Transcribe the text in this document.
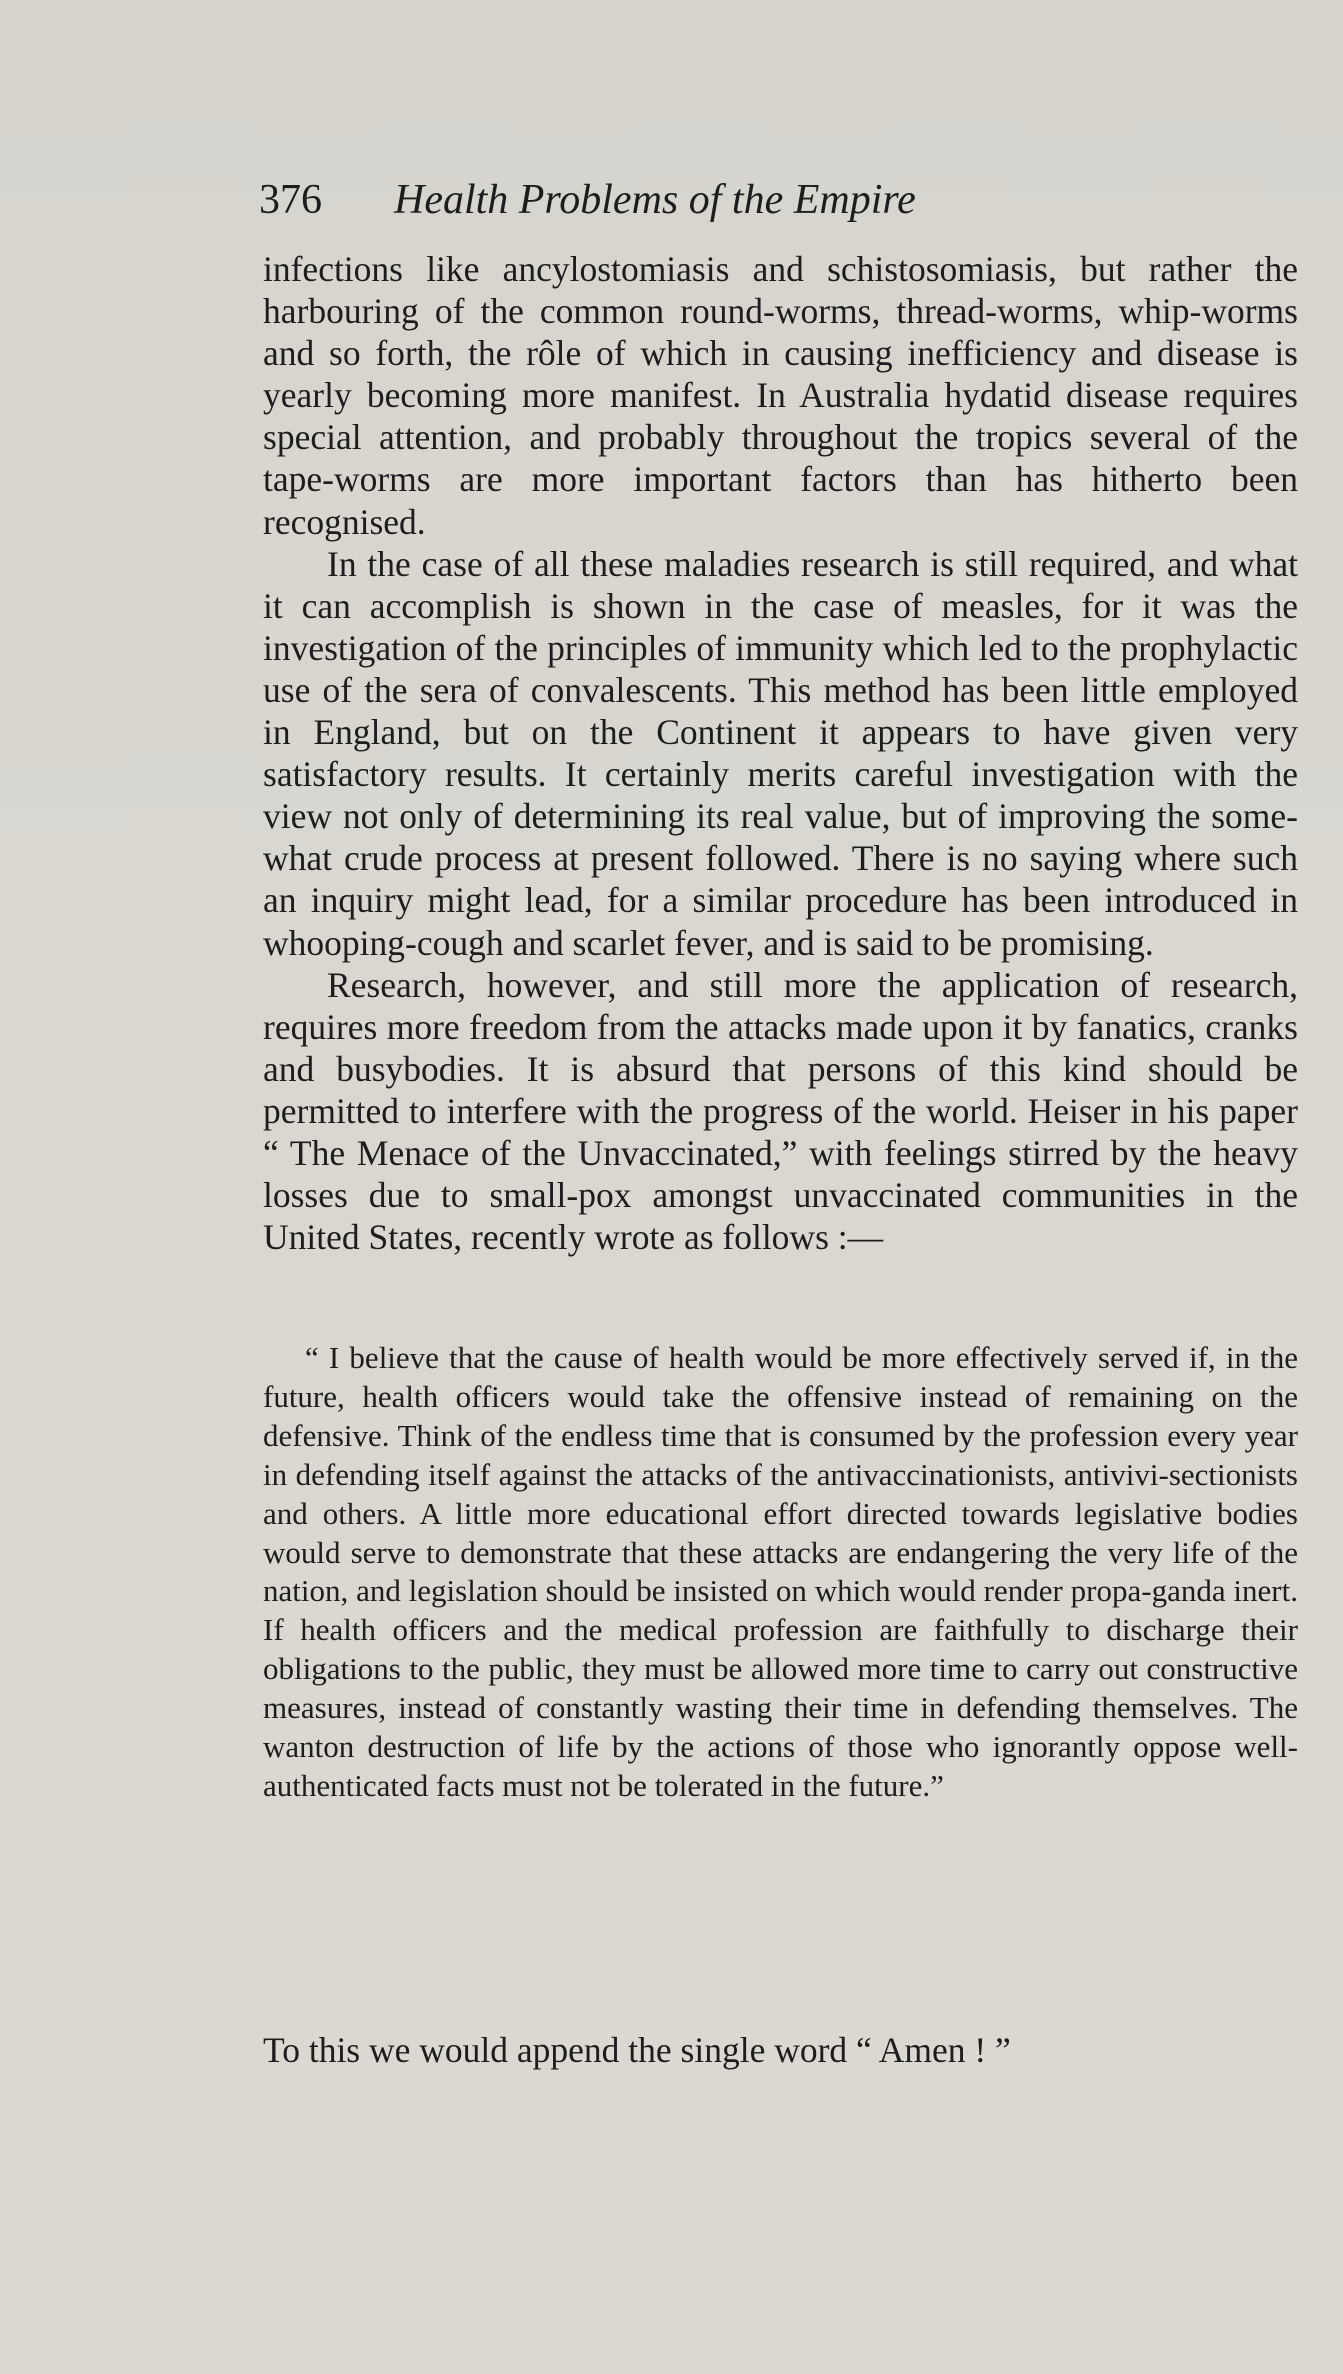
376 Health Problems of the Empire

infections like ancylostomiasis and schistosomiasis, but rather the harbouring of the common round-worms, thread-worms, whip-worms and so forth, the rôle of which in causing inefficiency and disease is yearly becoming more manifest. In Australia hydatid disease requires special attention, and probably throughout the tropics several of the tape-worms are more important factors than has hitherto been recognised.

In the case of all these maladies research is still required, and what it can accomplish is shown in the case of measles, for it was the investigation of the principles of immunity which led to the prophylactic use of the sera of convalescents. This method has been little employed in England, but on the Continent it appears to have given very satisfactory results. It certainly merits careful investigation with the view not only of determining its real value, but of improving the some-what crude process at present followed. There is no saying where such an inquiry might lead, for a similar procedure has been introduced in whooping-cough and scarlet fever, and is said to be promising.

Research, however, and still more the application of research, requires more freedom from the attacks made upon it by fanatics, cranks and busybodies. It is absurd that persons of this kind should be permitted to interfere with the progress of the world. Heiser in his paper “ The Menace of the Unvaccinated,” with feelings stirred by the heavy losses due to small-pox amongst unvaccinated communities in the United States, recently wrote as follows :—

“ I believe that the cause of health would be more effectively served if, in the future, health officers would take the offensive instead of remaining on the defensive. Think of the endless time that is consumed by the profession every year in defending itself against the attacks of the antivaccinationists, antivivi-sectionists and others. A little more educational effort directed towards legislative bodies would serve to demonstrate that these attacks are endangering the very life of the nation, and legislation should be insisted on which would render propa-ganda inert. If health officers and the medical profession are faithfully to discharge their obligations to the public, they must be allowed more time to carry out constructive measures, instead of constantly wasting their time in defending themselves. The wanton destruction of life by the actions of those who ignorantly oppose well-authenticated facts must not be tolerated in the future.”

To this we would append the single word “ Amen ! ”
